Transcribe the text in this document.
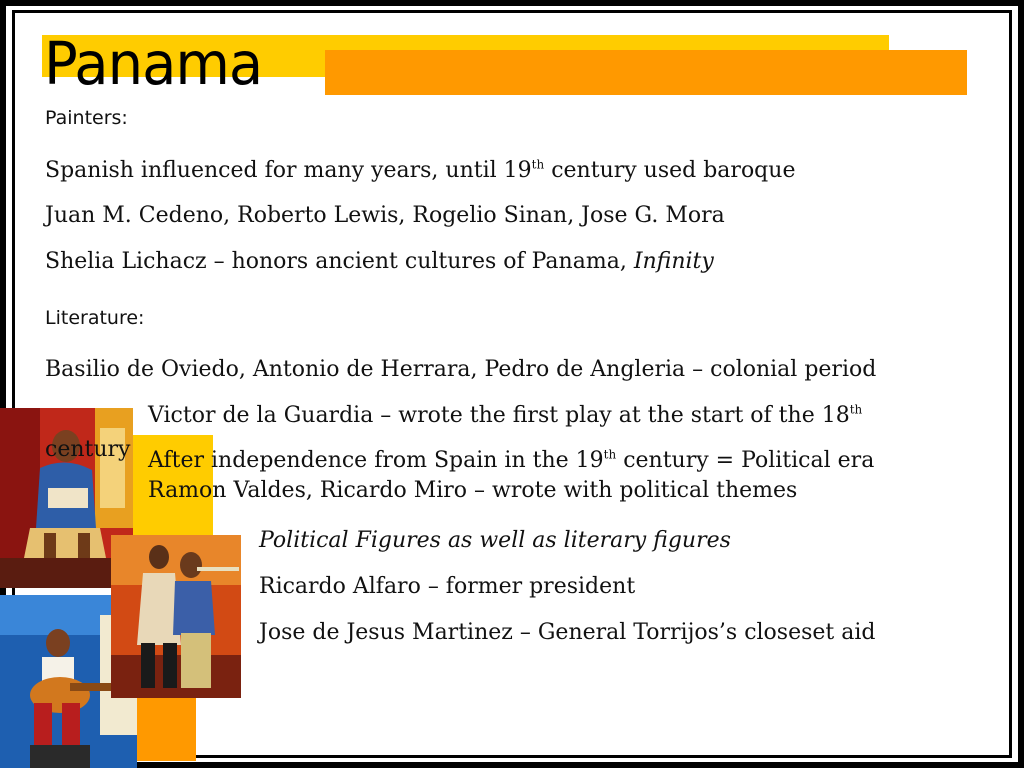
Panama
Painters:
Spanish influenced for many years, until 19th century used baroque
Juan M. Cedeno, Roberto Lewis, Rogelio Sinan, Jose G. Mora
Shelia Lichacz – honors ancient cultures of Panama, Infinity
Literature:
Basilio de Oviedo, Antonio de Herrara, Pedro de Angleria – colonial period
Victor de la Guardia – wrote the first play at the start of the 18th
century After independence from Spain in the 19th century = Political era
Ramon Valdes, Ricardo Miro – wrote with political themes
Political Figures as well as literary figures
Ricardo Alfaro – former president
Jose de Jesus Martinez – General Torrijos’s closeset aid
